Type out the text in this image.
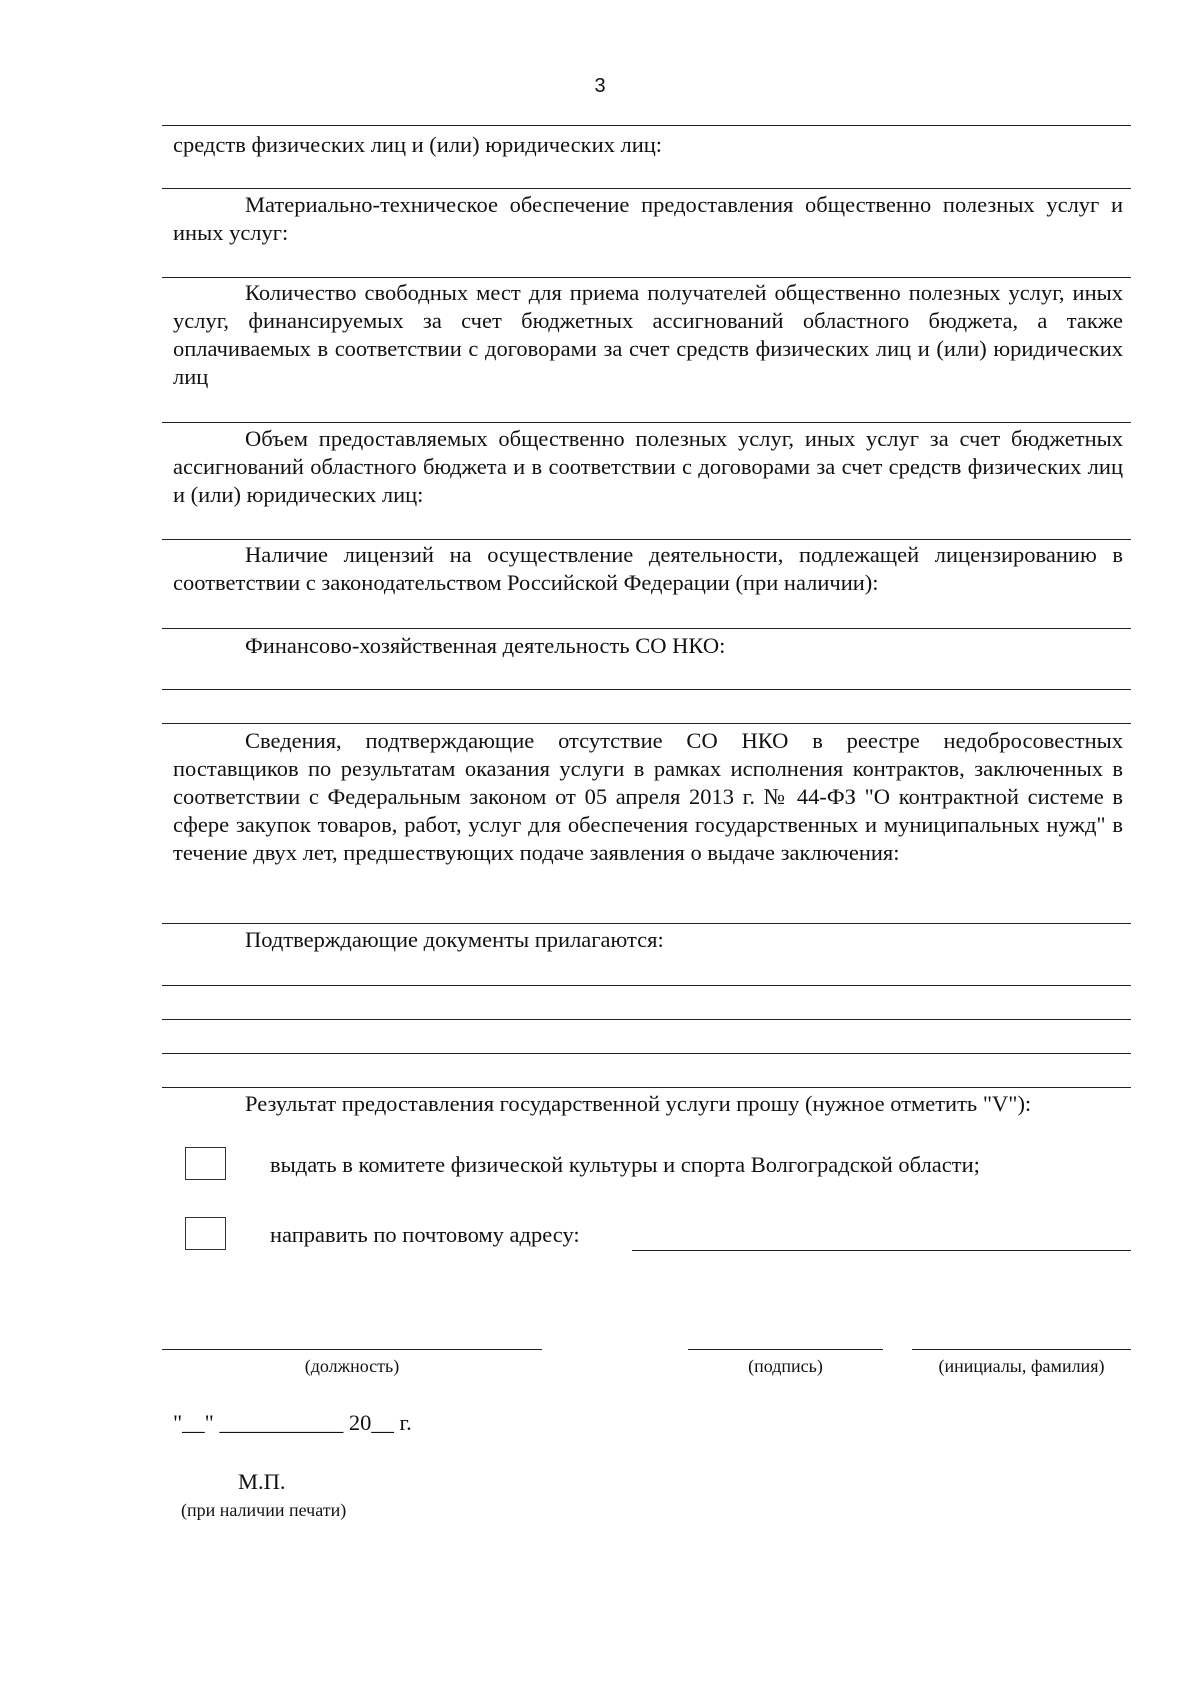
3
средств физических лиц и (или) юридических лиц:
Материально-техническое обеспечение предоставления общественно полезных услуг и иных услуг:
Количество свободных мест для приема получателей общественно полезных услуг, иных услуг, финансируемых за счет бюджетных ассигнований областного бюджета, а также оплачиваемых в соответствии с договорами за счет средств физических лиц и (или) юридических лиц
Объем предоставляемых общественно полезных услуг, иных услуг за счет бюджетных ассигнований областного бюджета и в соответствии с договорами за счет средств физических лиц и (или) юридических лиц:
Наличие лицензий на осуществление деятельности, подлежащей лицензированию в соответствии с законодательством Российской Федерации (при наличии):
Финансово-хозяйственная деятельность СО НКО:
Сведения, подтверждающие отсутствие СО НКО в реестре недобросовестных поставщиков по результатам оказания услуги в рамках исполнения контрактов, заключенных в соответствии с Федеральным законом от 05 апреля 2013 г. № 44-ФЗ "О контрактной системе в сфере закупок товаров, работ, услуг для обеспечения государственных и муниципальных нужд" в течение двух лет, предшествующих подаче заявления о выдаче заключения:
Подтверждающие документы прилагаются:
Результат предоставления государственной услуги прошу (нужное отметить "V"):
выдать в комитете физической культуры и спорта Волгоградской области;
направить по почтовому адресу:
(должность)	(подпись)	(инициалы, фамилия)
"__" ___________ 20__ г.
М.П.
(при наличии печати)
